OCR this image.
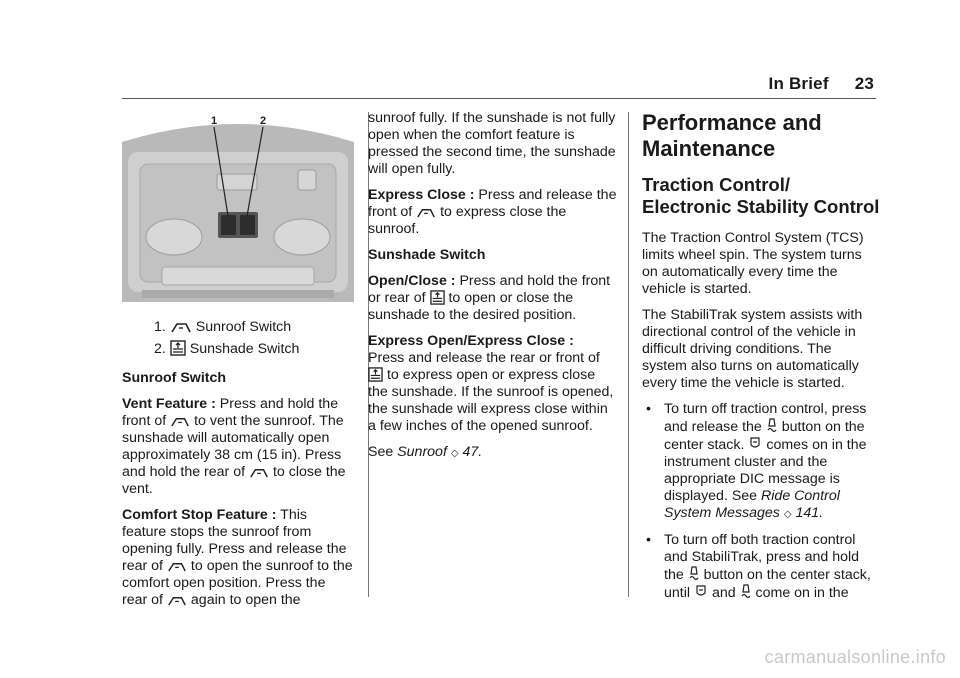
In Brief 23
1	2
1. Sunroof Switch
2. Sunshade Switch

Sunroof Switch

Vent Feature : Press and hold the
front of to vent the sunroof. The sunshade will automatically open approximately 38 cm (15 in). Press and hold the rear of to close the vent.

Comfort Stop Feature : This feature stops the sunroof from opening fully. Press and release the rear of to open the sunroof to the comfort open position. Press the rear of again to open the

sunroof fully. If the sunshade is not fully open when the comfort feature is pressed the second time, the sunshade will open fully.

Express Close : Press and release the front of to express close the sunroof.

Sunshade Switch

Open/Close : Press and hold the front or rear of to open or close the sunshade to the desired position.

Express Open/Express Close :
Press and release the rear or front of  to express open or express close the sunshade. If the sunroof is opened, the sunshade will express close within a few inches of the opened sunroof.

See Sunroof ◇ 47.

Performance and Maintenance
Traction Control/ Electronic Stability Control

The Traction Control System (TCS) limits wheel spin. The system turns on automatically every time the vehicle is started.

The StabiliTrak system assists with directional control of the vehicle in difficult driving conditions. The system also turns on automatically every time the vehicle is started.

• To turn off traction control, press and release the button on the center stack. comes on in the instrument cluster and the appropriate DIC message is displayed. See Ride Control System Messages ◇ 141.

• To turn off both traction control and StabiliTrak, press and hold the button on the center stack, until and come on in the

carmanualsonline.info
